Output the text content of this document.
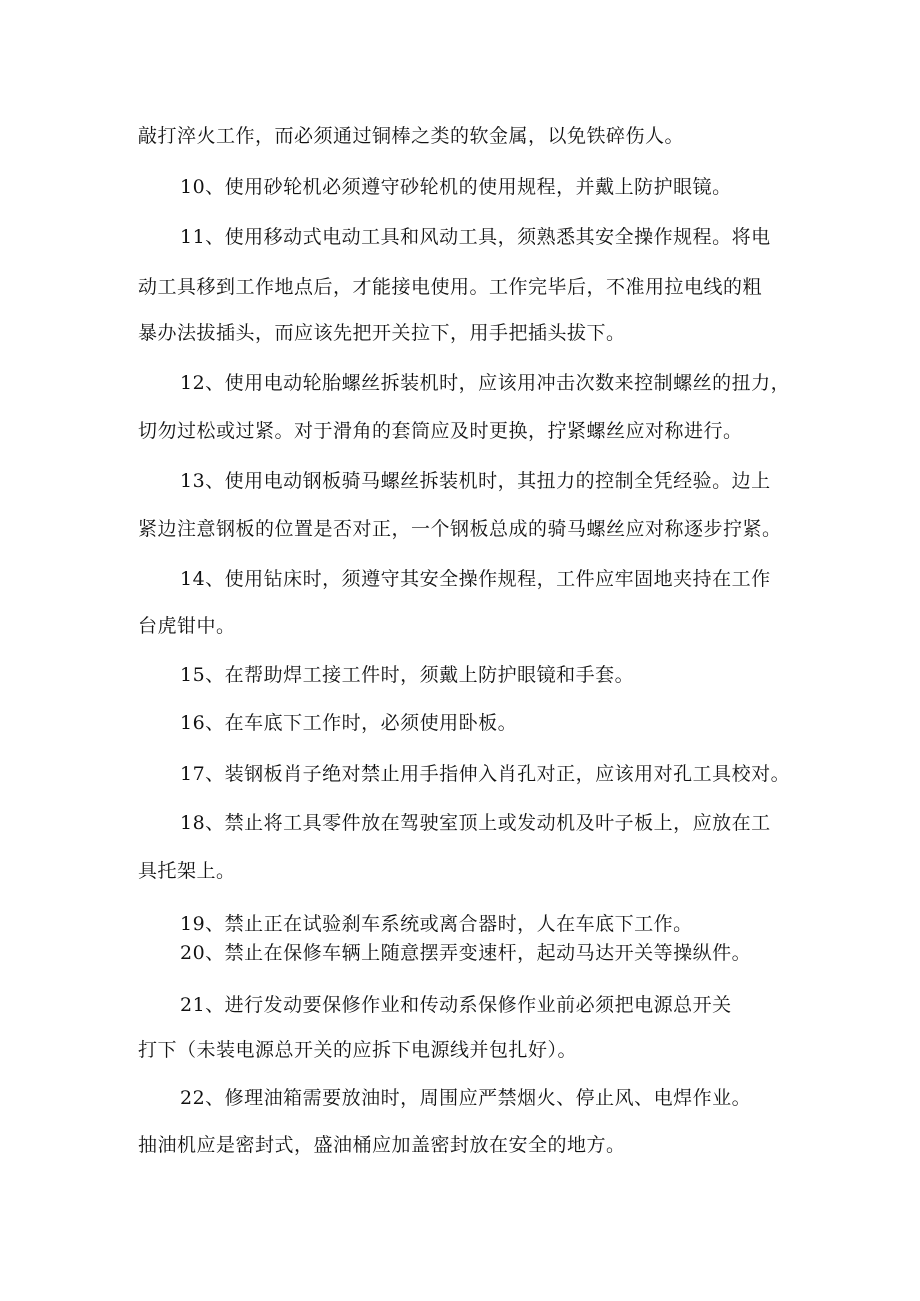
敲打淬火工作，而必须通过铜棒之类的软金属，以免铁碎伤人。
10、使用砂轮机必须遵守砂轮机的使用规程，并戴上防护眼镜。
11、使用移动式电动工具和风动工具，须熟悉其安全操作规程。将电
动工具移到工作地点后，才能接电使用。工作完毕后，不准用拉电线的粗
暴办法拔插头，而应该先把开关拉下，用手把插头拔下。
12、使用电动轮胎螺丝拆装机时，应该用冲击次数来控制螺丝的扭力，
切勿过松或过紧。对于滑角的套筒应及时更换，拧紧螺丝应对称进行。
13、使用电动钢板骑马螺丝拆装机时，其扭力的控制全凭经验。边上
紧边注意钢板的位置是否对正，一个钢板总成的骑马螺丝应对称逐步拧紧。
14、使用钻床时，须遵守其安全操作规程，工件应牢固地夹持在工作
台虎钳中。
15、在帮助焊工接工件时，须戴上防护眼镜和手套。
16、在车底下工作时，必须使用卧板。
17、装钢板肖子绝对禁止用手指伸入肖孔对正，应该用对孔工具校对。
18、禁止将工具零件放在驾驶室顶上或发动机及叶子板上，应放在工
具托架上。
19、禁止正在试验刹车系统或离合器时，人在车底下工作。
20、禁止在保修车辆上随意摆弄变速杆，起动马达开关等操纵件。
21、进行发动要保修作业和传动系保修作业前必须把电源总开关
打下（未装电源总开关的应拆下电源线并包扎好）。
22、修理油箱需要放油时，周围应严禁烟火、停止风、电焊作业。
抽油机应是密封式，盛油桶应加盖密封放在安全的地方。
